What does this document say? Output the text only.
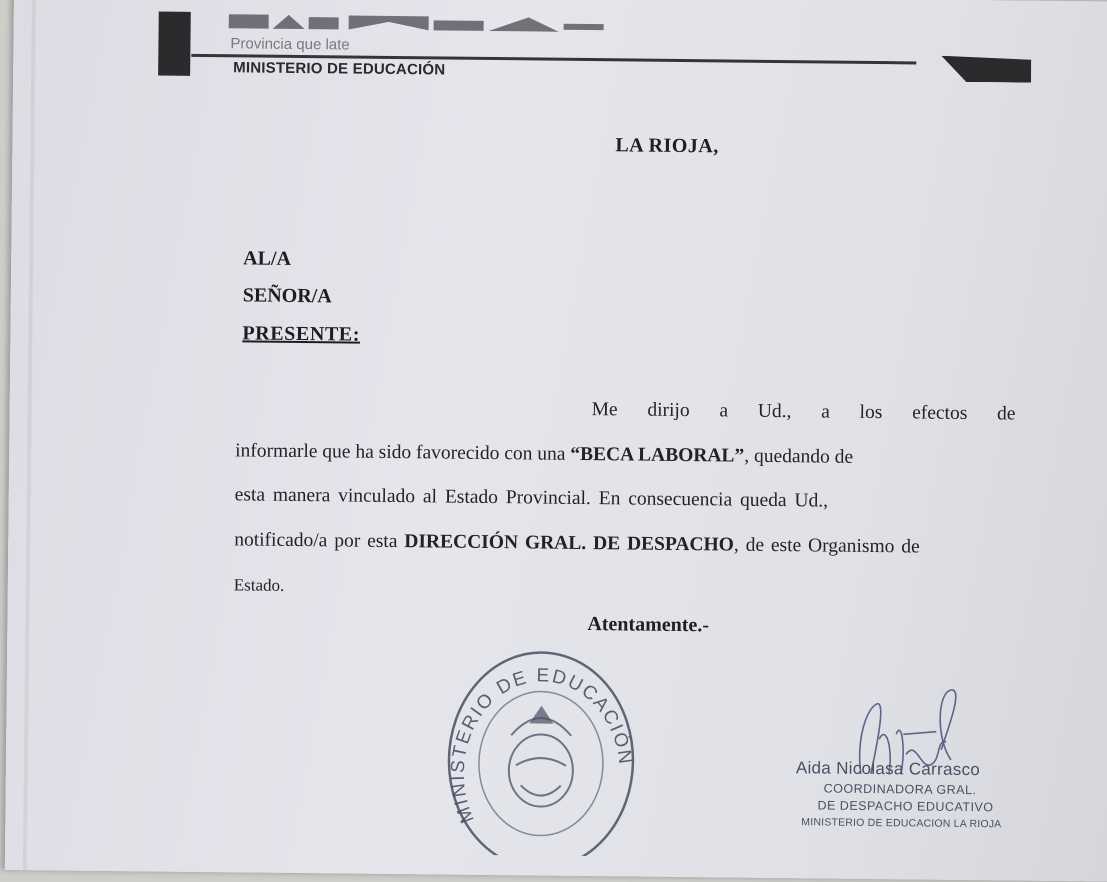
Provincia que late
MINISTERIO DE EDUCACIÓN
LA RIOJA,
AL/A
SEÑOR/A
PRESENTE:
Me dirijo a Ud., a los efectos de
informarle que ha sido favorecido con una “BECA LABORAL”, quedando de
esta manera vinculado al Estado Provincial. En consecuencia queda Ud.,
notificado/a por esta DIRECCIÓN GRAL. DE DESPACHO, de este Organismo de
Estado.
Atentamente.-
MINISTERIO DE EDUCACIÓN
Aida Nicolasa Carrasco
COORDINADORA GRAL.
DE DESPACHO EDUCATIVO
MINISTERIO DE EDUCACION LA RIOJA
